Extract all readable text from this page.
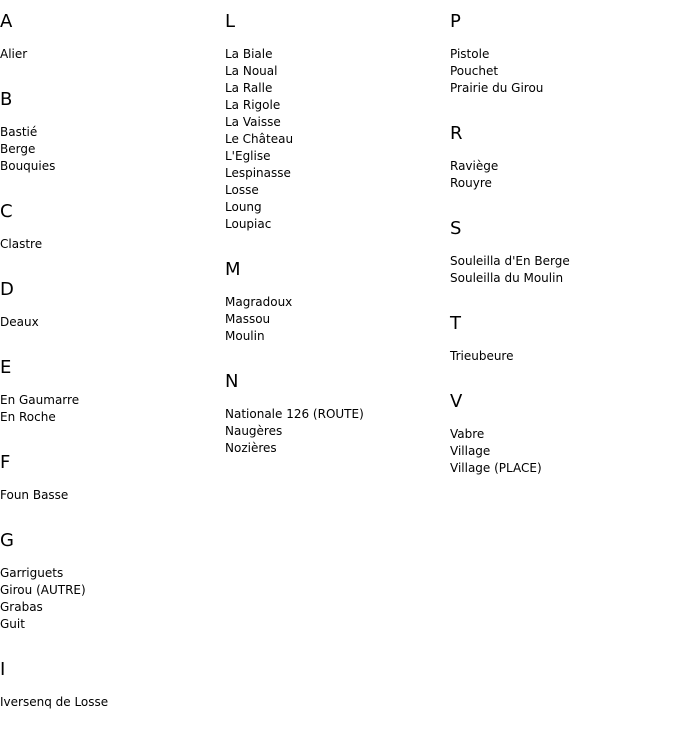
A
Alier
B
Bastié
Berge
Bouquies
C
Clastre
D
Deaux
E
En Gaumarre
En Roche
F
Foun Basse
G
Garriguets
Girou (AUTRE)
Grabas
Guit
I
Iversenq de Losse
L
La Biale
La Noual
La Ralle
La Rigole
La Vaisse
Le Château
L'Eglise
Lespinasse
Losse
Loung
Loupiac
M
Magradoux
Massou
Moulin
N
Nationale 126 (ROUTE)
Naugères
Nozières
P
Pistole
Pouchet
Prairie du Girou
R
Raviège
Rouyre
S
Souleilla d'En Berge
Souleilla du Moulin
T
Trieubeure
V
Vabre
Village
Village (PLACE)
